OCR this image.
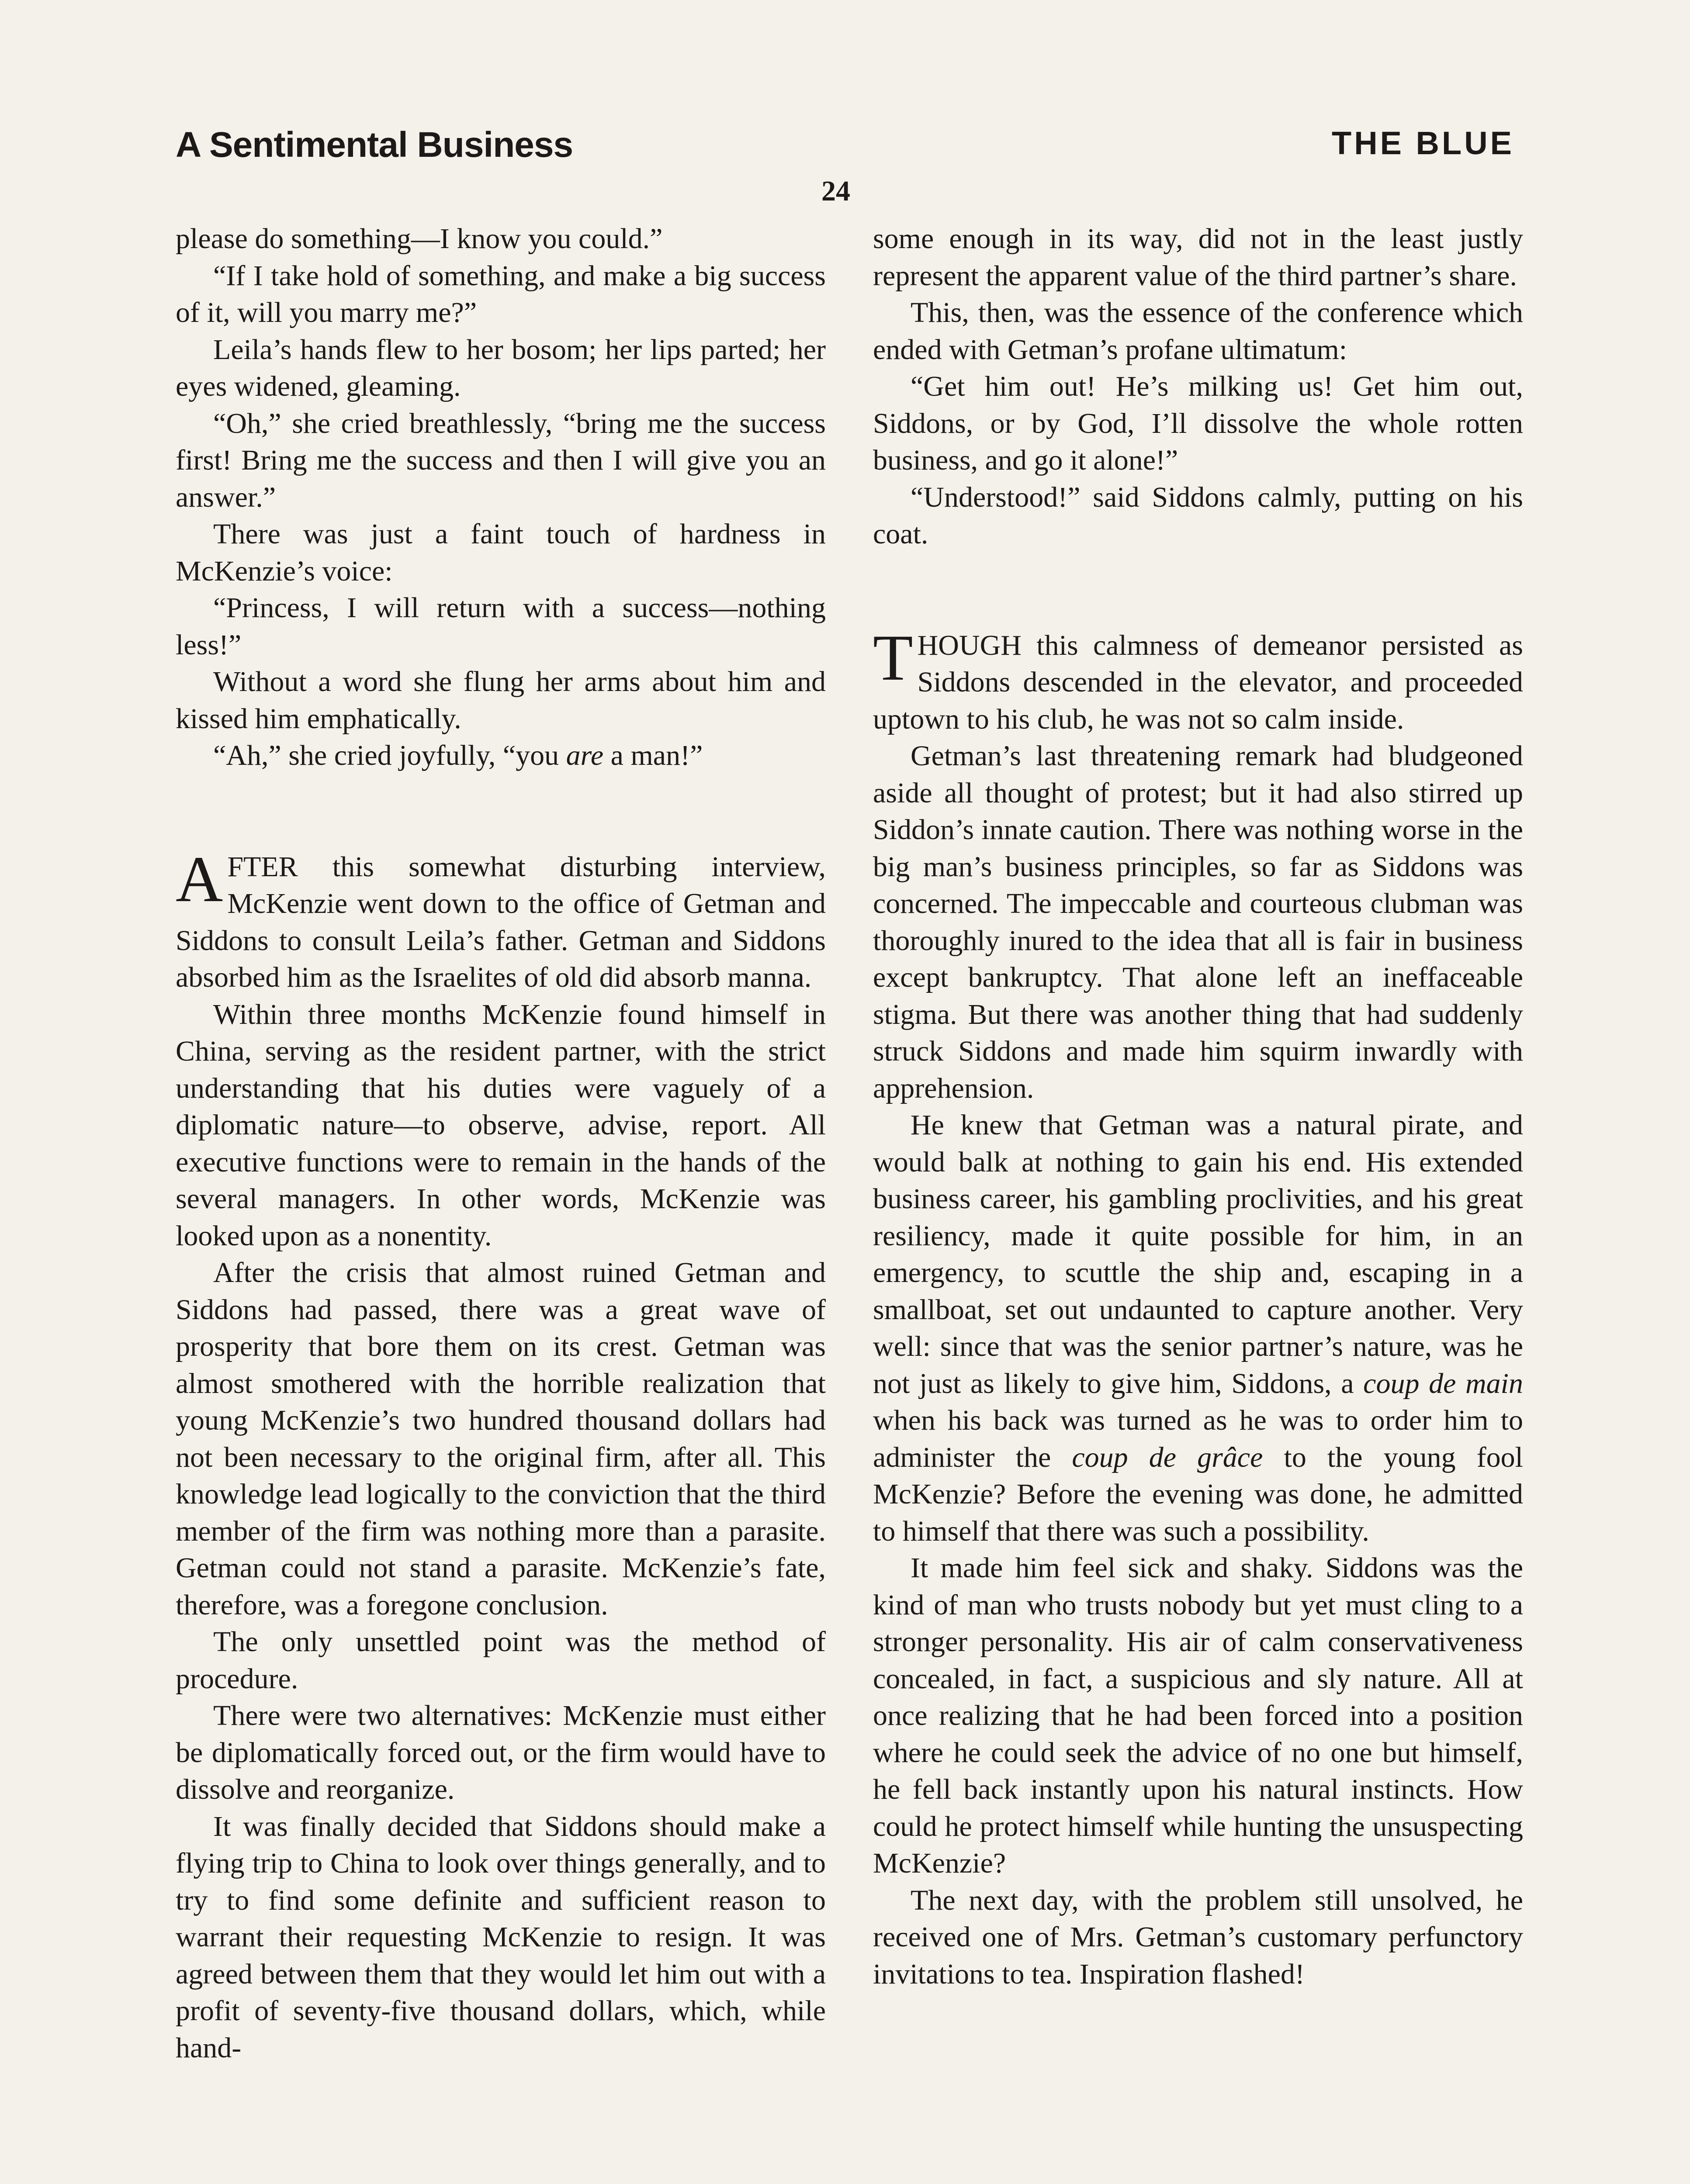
A Sentimental Business	THE BLUE
24

please do something—I know you could.”

“If I take hold of something, and make a big success of it, will you marry me?”

Leila’s hands flew to her bosom; her lips parted; her eyes widened, gleaming.

“Oh,” she cried breathlessly, “bring me the success first! Bring me the success and then I will give you an answer.”

There was just a faint touch of hardness in McKenzie’s voice:

“Princess, I will return with a success—nothing less!”

Without a word she flung her arms about him and kissed him emphatically.

“Ah,” she cried joyfully, “you are a man!”

AFTER this somewhat disturbing interview, McKenzie went down to the office of Getman and Siddons to consult Leila’s father. Getman and Siddons absorbed him as the Israelites of old did absorb manna.

Within three months McKenzie found himself in China, serving as the resident partner, with the strict understanding that his duties were vaguely of a diplomatic nature—to observe, advise, report. All executive functions were to remain in the hands of the several managers. In other words, McKenzie was looked upon as a nonentity.

After the crisis that almost ruined Getman and Siddons had passed, there was a great wave of prosperity that bore them on its crest. Getman was almost smothered with the horrible realization that young McKenzie’s two hundred thousand dollars had not been necessary to the original firm, after all. This knowledge lead logically to the conviction that the third member of the firm was nothing more than a parasite. Getman could not stand a parasite. McKenzie’s fate, therefore, was a foregone conclusion.

The only unsettled point was the method of procedure.

There were two alternatives: McKenzie must either be diplomatically forced out, or the firm would have to dissolve and reorganize.

It was finally decided that Siddons should make a flying trip to China to look over things generally, and to try to find some definite and sufficient reason to warrant their requesting McKenzie to resign. It was agreed between them that they would let him out with a profit of seventy-five thousand dollars, which, while hand-

some enough in its way, did not in the least justly represent the apparent value of the third partner’s share.

This, then, was the essence of the conference which ended with Getman’s profane ultimatum:

“Get him out! He’s milking us! Get him out, Siddons, or by God, I’ll dissolve the whole rotten business, and go it alone!”

“Understood!” said Siddons calmly, putting on his coat.

THOUGH this calmness of demeanor persisted as Siddons descended in the elevator, and proceeded uptown to his club, he was not so calm inside.

Getman’s last threatening remark had bludgeoned aside all thought of protest; but it had also stirred up Siddon’s innate caution. There was nothing worse in the big man’s business principles, so far as Siddons was concerned. The impeccable and courteous clubman was thoroughly inured to the idea that all is fair in business except bankruptcy. That alone left an ineffaceable stigma. But there was another thing that had suddenly struck Siddons and made him squirm inwardly with apprehension.

He knew that Getman was a natural pirate, and would balk at nothing to gain his end. His extended business career, his gambling proclivities, and his great resiliency, made it quite possible for him, in an emergency, to scuttle the ship and, escaping in a smallboat, set out undaunted to capture another. Very well: since that was the senior partner’s nature, was he not just as likely to give him, Siddons, a coup de main when his back was turned as he was to order him to administer the coup de grâce to the young fool McKenzie? Before the evening was done, he admitted to himself that there was such a possibility.

It made him feel sick and shaky. Siddons was the kind of man who trusts nobody but yet must cling to a stronger personality. His air of calm conservativeness concealed, in fact, a suspicious and sly nature. All at once realizing that he had been forced into a position where he could seek the advice of no one but himself, he fell back instantly upon his natural instincts. How could he protect himself while hunting the unsuspecting McKenzie?

The next day, with the problem still unsolved, he received one of Mrs. Getman’s customary perfunctory invitations to tea. Inspiration flashed!
